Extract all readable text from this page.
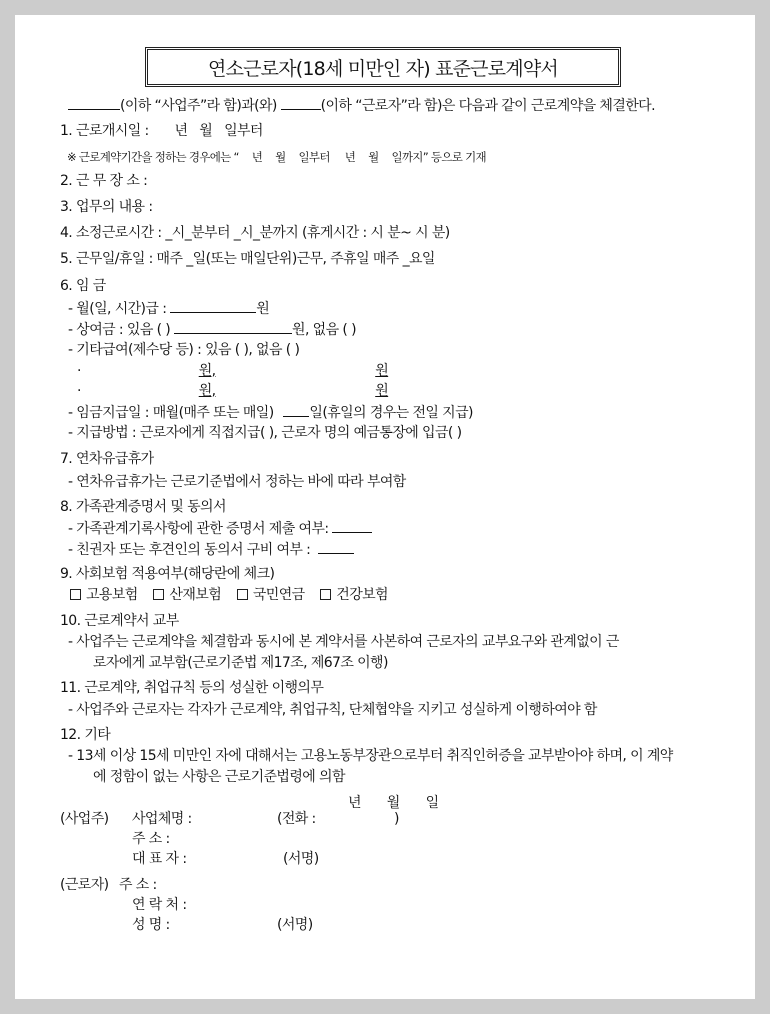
연소근로자(18세 미만인 자) 표준근로계약서
(이하 “사업주”라 함)과(와)	(이하 “근로자”라 함)은 다음과 같이 근로계약을 체결한다.
1. 근로개시일 : 년 월 일부터
※ 근로계약기간을 정하는 경우에는 “ 년 월 일부터 년 월 일까지” 등으로 기재
2. 근 무 장 소 :
3. 업무의 내용 :
4. 소정근로시간 : _시_분부터 _시_분까지 (휴게시간 : 시 분~ 시 분)
5. 근무일/휴일 : 매주 _일(또는 매일단위)근무, 주휴일 매주 _요일
6. 임 금
- 월(일, 시간)급 :	원
- 상여금 : 있음 ( )	원, 없음 ( )
- 기타급여(제수당 등) : 있음 ( ), 없음 ( )
·	원,	원
·	원,	원
- 임금지급일 : 매월(매주 또는 매일)	일(휴일의 경우는 전일 지급)
- 지급방법 : 근로자에게 직접지급( ), 근로자 명의 예금통장에 입금( )
7. 연차유급휴가
- 연차유급휴가는 근로기준법에서 정하는 바에 따라 부여함
8. 가족관계증명서 및 동의서
- 가족관계기록사항에 관한 증명서 제출 여부:
- 친권자 또는 후견인의 동의서 구비 여부 :
9. 사회보험 적용여부(해당란에 체크)
고용보험 산재보험 국민연금 건강보험
10. 근로계약서 교부
- 사업주는 근로계약을 체결함과 동시에 본 계약서를 사본하여 근로자의 교부요구와 관계없이 근
로자에게 교부함(근로기준법 제17조, 제67조 이행)
11. 근로계약, 취업규칙 등의 성실한 이행의무
- 사업주와 근로자는 각자가 근로계약, 취업규칙, 단체협약을 지키고 성실하게 이행하여야 함
12. 기타
- 13세 이상 15세 미만인 자에 대해서는 고용노동부장관으로부터 취직인허증을 교부받아야 하며, 이 계약
에 정함이 없는 사항은 근로기준법령에 의함
년 월 일
(사업주) 사업체명 :	(전화 :	)
주 소 :
대 표 자 :	(서명)
(근로자) 주 소 :
연 락 처 :
성 명 :	(서명)
